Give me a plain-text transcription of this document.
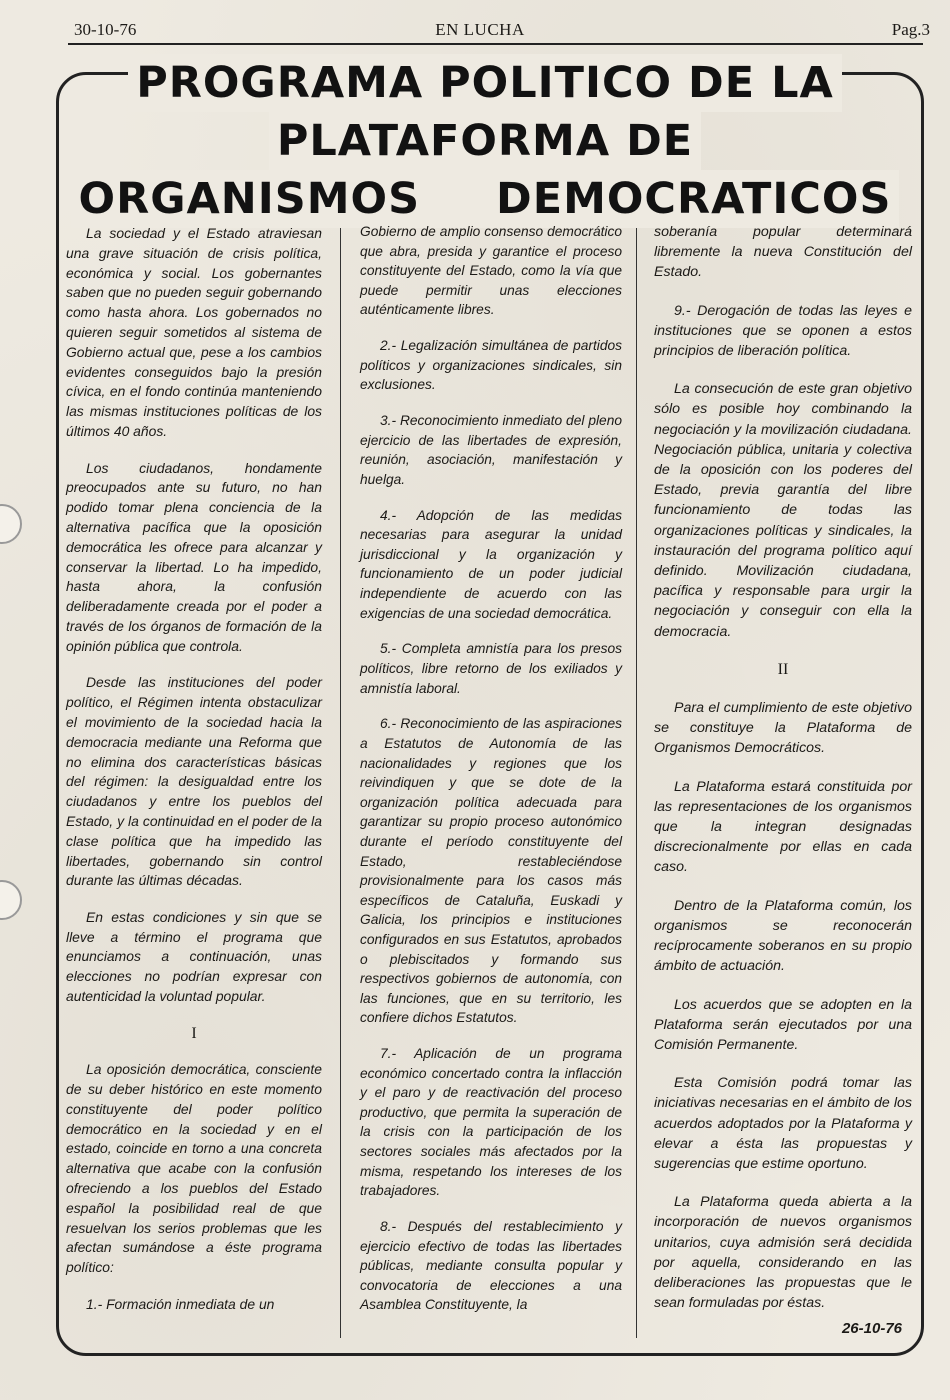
30-10-76	EN LUCHA	Pag.3
PROGRAMA POLITICO DE LA
PLATAFORMA DE
ORGANISMOS DEMOCRATICOS

La sociedad y el Estado atraviesan una grave situación de crisis política, económica y social. Los gobernantes saben que no pueden seguir gobernando como hasta ahora. Los gobernados no quieren seguir sometidos al sistema de Gobierno actual que, pese a los cambios evidentes conseguidos bajo la presión cívica, en el fondo continúa manteniendo las mismas instituciones políticas de los últimos 40 años.

Los ciudadanos, hondamente preocupados ante su futuro, no han podido tomar plena conciencia de la alternativa pacífica que la oposición democrática les ofrece para alcanzar y conservar la libertad. Lo ha impedido, hasta ahora, la confusión deliberadamente creada por el poder a través de los órganos de formación de la opinión pública que controla.

Desde las instituciones del poder político, el Régimen intenta obstaculizar el movimiento de la sociedad hacia la democracia mediante una Reforma que no elimina dos características básicas del régimen: la desigualdad entre los ciudadanos y entre los pueblos del Estado, y la continuidad en el poder de la clase política que ha impedido las libertades, gobernando sin control durante las últimas décadas.

En estas condiciones y sin que se lleve a término el programa que enunciamos a continuación, unas elecciones no podrían expresar con autenticidad la voluntad popular.

I

La oposición democrática, consciente de su deber histórico en este momento constituyente del poder político democrático en la sociedad y en el estado, coincide en torno a una concreta alternativa que acabe con la confusión ofreciendo a los pueblos del Estado español la posibilidad real de que resuelvan los serios problemas que les afectan sumándose a éste programa político:

1.- Formación inmediata de un

Gobierno de amplio consenso democrático que abra, presida y garantice el proceso constituyente del Estado, como la vía que puede permitir unas elecciones auténticamente libres.

2.- Legalización simultánea de partidos políticos y organizaciones sindicales, sin exclusiones.

3.- Reconocimiento inmediato del pleno ejercicio de las libertades de expresión, reunión, asociación, manifestación y huelga.

4.- Adopción de las medidas necesarias para asegurar la unidad jurisdiccional y la organización y funcionamiento de un poder judicial independiente de acuerdo con las exigencias de una sociedad democrática.

5.- Completa amnistía para los presos políticos, libre retorno de los exiliados y amnistía laboral.

6.- Reconocimiento de las aspiraciones a Estatutos de Autonomía de las nacionalidades y regiones que los reivindiquen y que se dote de la organización política adecuada para garantizar su propio proceso autonómico durante el período constituyente del Estado, restableciéndose provisionalmente para los casos más específicos de Cataluña, Euskadi y Galicia, los principios e instituciones configurados en sus Estatutos, aprobados o plebiscitados y formando sus respectivos gobiernos de autonomía, con las funciones, que en su territorio, les confiere dichos Estatutos.

7.- Aplicación de un programa económico concertado contra la inflacción y el paro y de reactivación del proceso productivo, que permita la superación de la crisis con la participación de los sectores sociales más afectados por la misma, respetando los intereses de los trabajadores.

8.- Después del restablecimiento y ejercicio efectivo de todas las libertades públicas, mediante consulta popular y convocatoria de elecciones a una Asamblea Constituyente, la

soberanía popular determinará libremente la nueva Constitución del Estado.

9.- Derogación de todas las leyes e instituciones que se oponen a estos principios de liberación política.

La consecución de este gran objetivo sólo es posible hoy combinando la negociación y la movilización ciudadana. Negociación pública, unitaria y colectiva de la oposición con los poderes del Estado, previa garantía del libre funcionamiento de todas las organizaciones políticas y sindicales, la instauración del programa político aquí definido. Movilización ciudadana, pacífica y responsable para urgir la negociación y conseguir con ella la democracia.

II

Para el cumplimiento de este objetivo se constituye la Plataforma de Organismos Democráticos.

La Plataforma estará constituida por las representaciones de los organismos que la integran designadas discrecionalmente por ellas en cada caso.

Dentro de la Plataforma común, los organismos se reconocerán recíprocamente soberanos en su propio ámbito de actuación.

Los acuerdos que se adopten en la Plataforma serán ejecutados por una Comisión Permanente.

Esta Comisión podrá tomar las iniciativas necesarias en el ámbito de los acuerdos adoptados por la Plataforma y elevar a ésta las propuestas y sugerencias que estime oportuno.

La Plataforma queda abierta a la incorporación de nuevos organismos unitarios, cuya admisión será decidida por aquella, considerando en las deliberaciones las propuestas que le sean formuladas por éstas.

26-10-76
